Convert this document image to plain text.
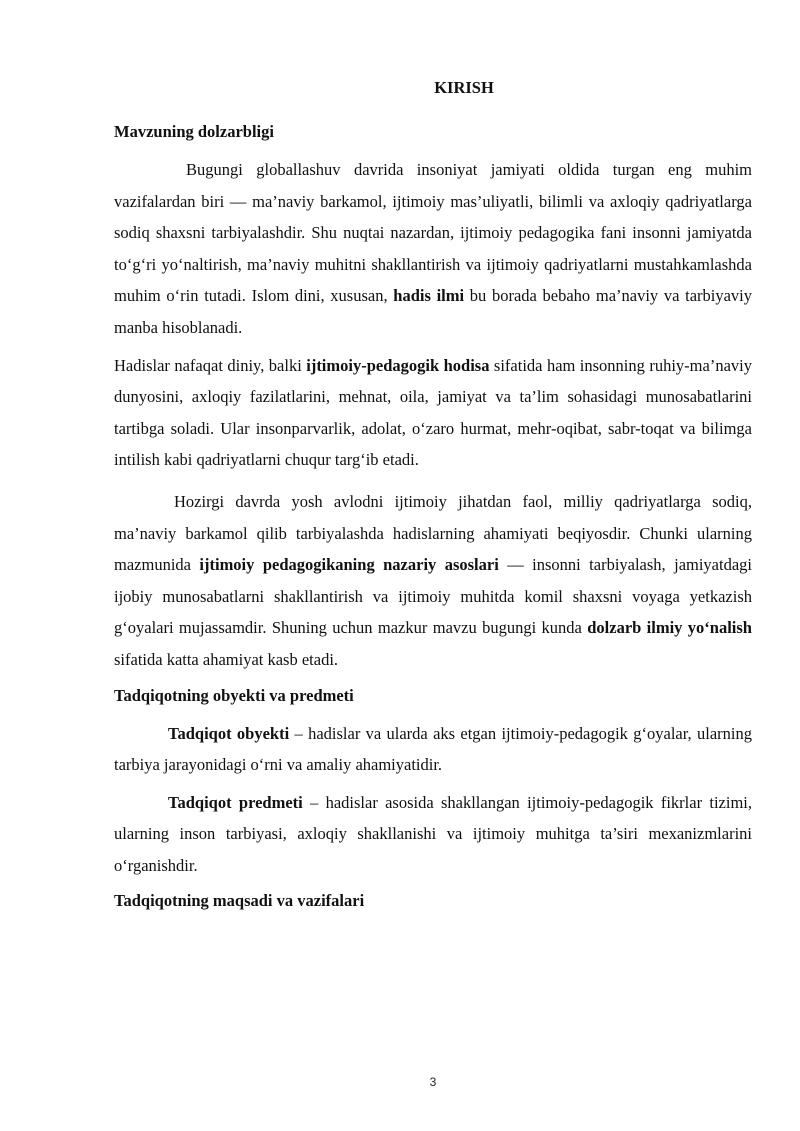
KIRISH
Mavzuning dolzarbligi

Bugungi globallashuv davrida insoniyat jamiyati oldida turgan eng muhim vazifalardan biri — ma’naviy barkamol, ijtimoiy mas’uliyatli, bilimli va axloqiy qadriyatlarga sodiq shaxsni tarbiyalashdir. Shu nuqtai nazardan, ijtimoiy pedagogika fani insonni jamiyatda to‘g‘ri yo‘naltirish, ma’naviy muhitni shakllantirish va ijtimoiy qadriyatlarni mustahkamlashda muhim o‘rin tutadi. Islom dini, xususan, hadis ilmi bu borada bebaho ma’naviy va tarbiyaviy manba hisoblanadi.

Hadislar nafaqat diniy, balki ijtimoiy-pedagogik hodisa sifatida ham insonning ruhiy-ma’naviy dunyosini, axloqiy fazilatlarini, mehnat, oila, jamiyat va ta’lim sohasidagi munosabatlarini tartibga soladi. Ular insonparvarlik, adolat, o‘zaro hurmat, mehr-oqibat, sabr-toqat va bilimga intilish kabi qadriyatlarni chuqur targ‘ib etadi.

Hozirgi davrda yosh avlodni ijtimoiy jihatdan faol, milliy qadriyatlarga sodiq, ma’naviy barkamol qilib tarbiyalashda hadislarning ahamiyati beqiyosdir. Chunki ularning mazmunida ijtimoiy pedagogikaning nazariy asoslari — insonni tarbiyalash, jamiyatdagi ijobiy munosabatlarni shakllantirish va ijtimoiy muhitda komil shaxsni voyaga yetkazish g‘oyalari mujassamdir. Shuning uchun mazkur mavzu bugungi kunda dolzarb ilmiy yo‘nalish sifatida katta ahamiyat kasb etadi.

Tadqiqotning obyekti va predmeti

Tadqiqot obyekti – hadislar va ularda aks etgan ijtimoiy-pedagogik g‘oyalar, ularning tarbiya jarayonidagi o‘rni va amaliy ahamiyatidir.

Tadqiqot predmeti – hadislar asosida shakllangan ijtimoiy-pedagogik fikrlar tizimi, ularning inson tarbiyasi, axloqiy shakllanishi va ijtimoiy muhitga ta’siri mexanizmlarini o‘rganishdir.

Tadqiqotning maqsadi va vazifalari
3
